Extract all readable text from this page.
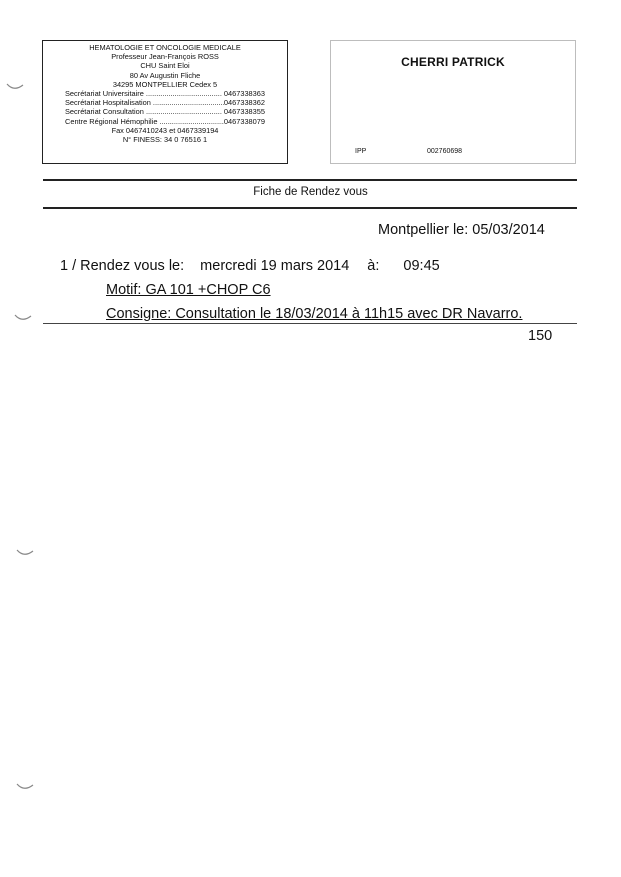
HEMATOLOGIE ET ONCOLOGIE MEDICALE
Professeur Jean-François ROSS
CHU Saint Eloi
80 Av Augustin Fliche
34295 MONTPELLIER Cedex 5
Secrétariat Universitaire .....	0467338363
Secrétariat Hospitalisation .....	0467338362
Secrétariat Consultation .....	0467338355
Centre Régional Hémophilie .....	0467338079
Fax 0467410243 et 0467339194
N° FINESS: 34 0 76516 1
CHERRI PATRICK
IPP	002760698
Fiche de Rendez vous
Montpellier le: 05/03/2014
1 / Rendez vous le: mercredi 19 mars 2014 à: 09:45
Motif: GA 101 +CHOP C6
Consigne: Consultation le 18/03/2014 à 11h15 avec DR Navarro.
150
